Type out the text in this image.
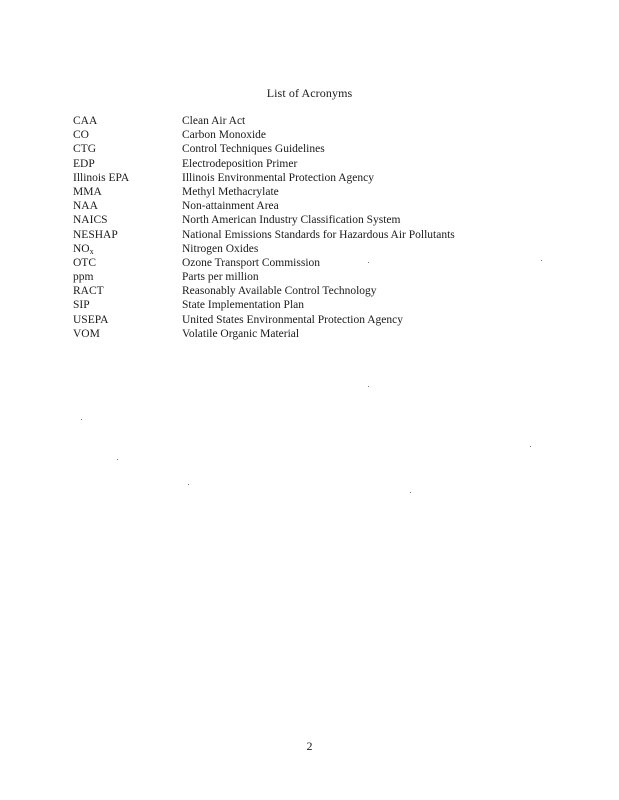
List of Acronyms
CAA	Clean Air Act
CO	Carbon Monoxide
CTG	Control Techniques Guidelines
EDP	Electrodeposition Primer
Illinois EPA	Illinois Environmental Protection Agency
MMA	Methyl Methacrylate
NAA	Non-attainment Area
NAICS	North American Industry Classification System
NESHAP	National Emissions Standards for Hazardous Air Pollutants
$NO_x$	Nitrogen Oxides
OTC	Ozone Transport Commission
ppm	Parts per million
RACT	Reasonably Available Control Technology
SIP	State Implementation Plan
USEPA	United States Environmental Protection Agency
VOM	Volatile Organic Material
2
